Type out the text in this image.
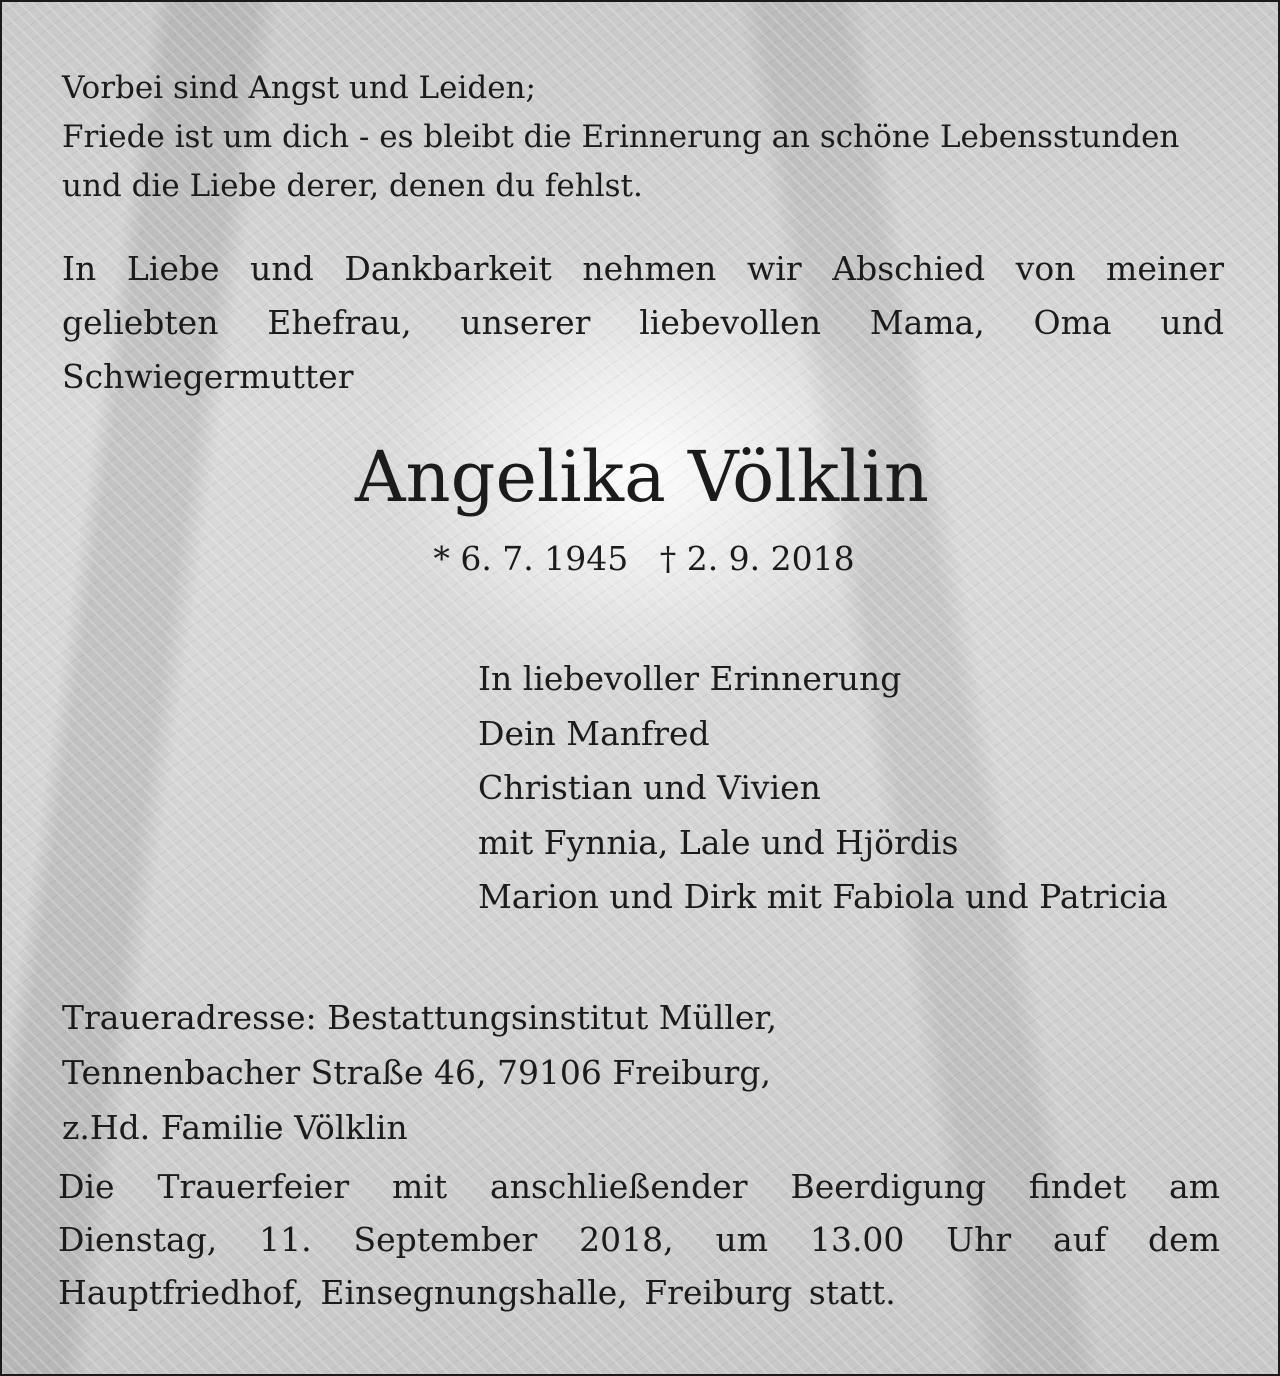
Vorbei sind Angst und Leiden;
Friede ist um dich - es bleibt die Erinnerung an schöne Lebensstunden
und die Liebe derer, denen du fehlst.
In Liebe und Dankbarkeit nehmen wir Abschied von meiner geliebten Ehefrau, unserer liebevollen Mama, Oma und Schwiegermutter
Angelika Völklin
* 6. 7. 1945   † 2. 9. 2018
In liebevoller Erinnerung
Dein Manfred
Christian und Vivien
mit Fynnia, Lale und Hjördis
Marion und Dirk mit Fabiola und Patricia
Traueradresse: Bestattungsinstitut Müller,
Tennenbacher Straße 46, 79106 Freiburg,
z.Hd. Familie Völklin
Die Trauerfeier mit anschließender Beerdigung findet am Dienstag, 11. September 2018, um 13.00 Uhr auf dem Hauptfriedhof, Einsegnungshalle, Freiburg statt.
